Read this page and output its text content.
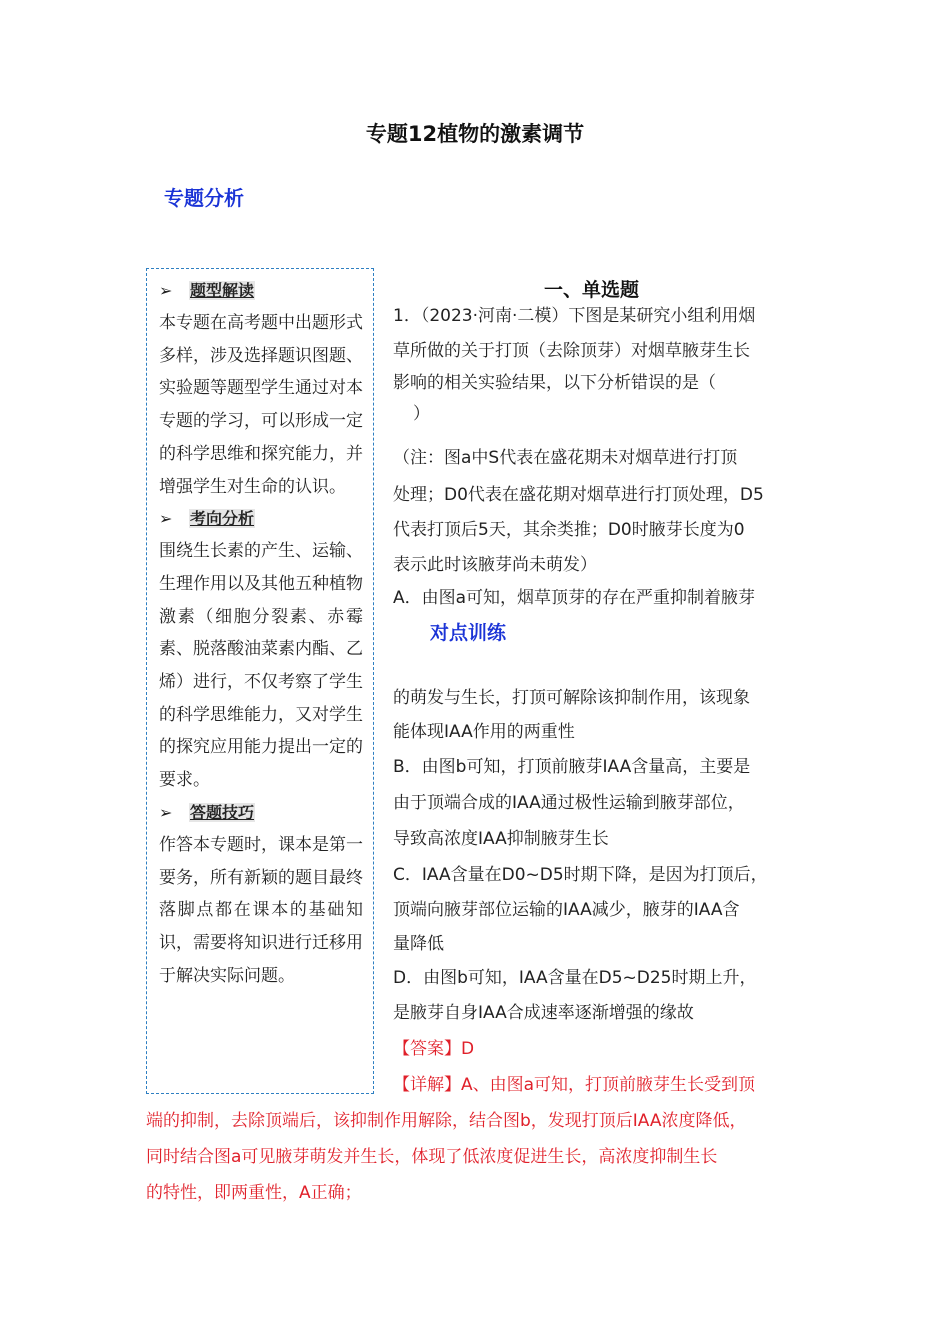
专题12植物的激素调节
专题分析
➢ 题型解读
本专题在高考题中出题形式多样，涉及选择题识图题、实验题等题型学生通过对本专题的学习，可以形成一定的科学思维和探究能力，并增强学生对生命的认识。
➢ 考向分析
围绕生长素的产生、运输、生理作用以及其他五种植物激素（细胞分裂素、赤霉素、脱落酸油菜素内酯、乙烯）进行，不仅考察了学生的科学思维能力，又对学生的探究应用能力提出一定的要求。
➢ 答题技巧
作答本专题时，课本是第一要务，所有新颖的题目最终落脚点都在课本的基础知识，需要将知识进行迁移用于解决实际问题。
一、单选题
1．（2023·河南·二模）下图是某研究小组利用烟
草所做的关于打顶（去除顶芽）对烟草腋芽生长
影响的相关实验结果，以下分析错误的是（
）
（注：图a中S代表在盛花期未对烟草进行打顶
处理；D0代表在盛花期对烟草进行打顶处理，D5
代表打顶后5天，其余类推；D0时腋芽长度为0
表示此时该腋芽尚未萌发）
A．由图a可知，烟草顶芽的存在严重抑制着腋芽
对点训练
的萌发与生长，打顶可解除该抑制作用，该现象
能体现IAA作用的两重性
B．由图b可知，打顶前腋芽IAA含量高，主要是
由于顶端合成的IAA通过极性运输到腋芽部位，
导致高浓度IAA抑制腋芽生长
C．IAA含量在D0~D5时期下降，是因为打顶后，
顶端向腋芽部位运输的IAA减少，腋芽的IAA含
量降低
D．由图b可知，IAA含量在D5~D25时期上升，
是腋芽自身IAA合成速率逐渐增强的缘故
【答案】D
【详解】A、由图a可知，打顶前腋芽生长受到顶
端的抑制，去除顶端后，该抑制作用解除，结合图b，发现打顶后IAA浓度降低，
同时结合图a可见腋芽萌发并生长，体现了低浓度促进生长，高浓度抑制生长
的特性，即两重性，A正确；
